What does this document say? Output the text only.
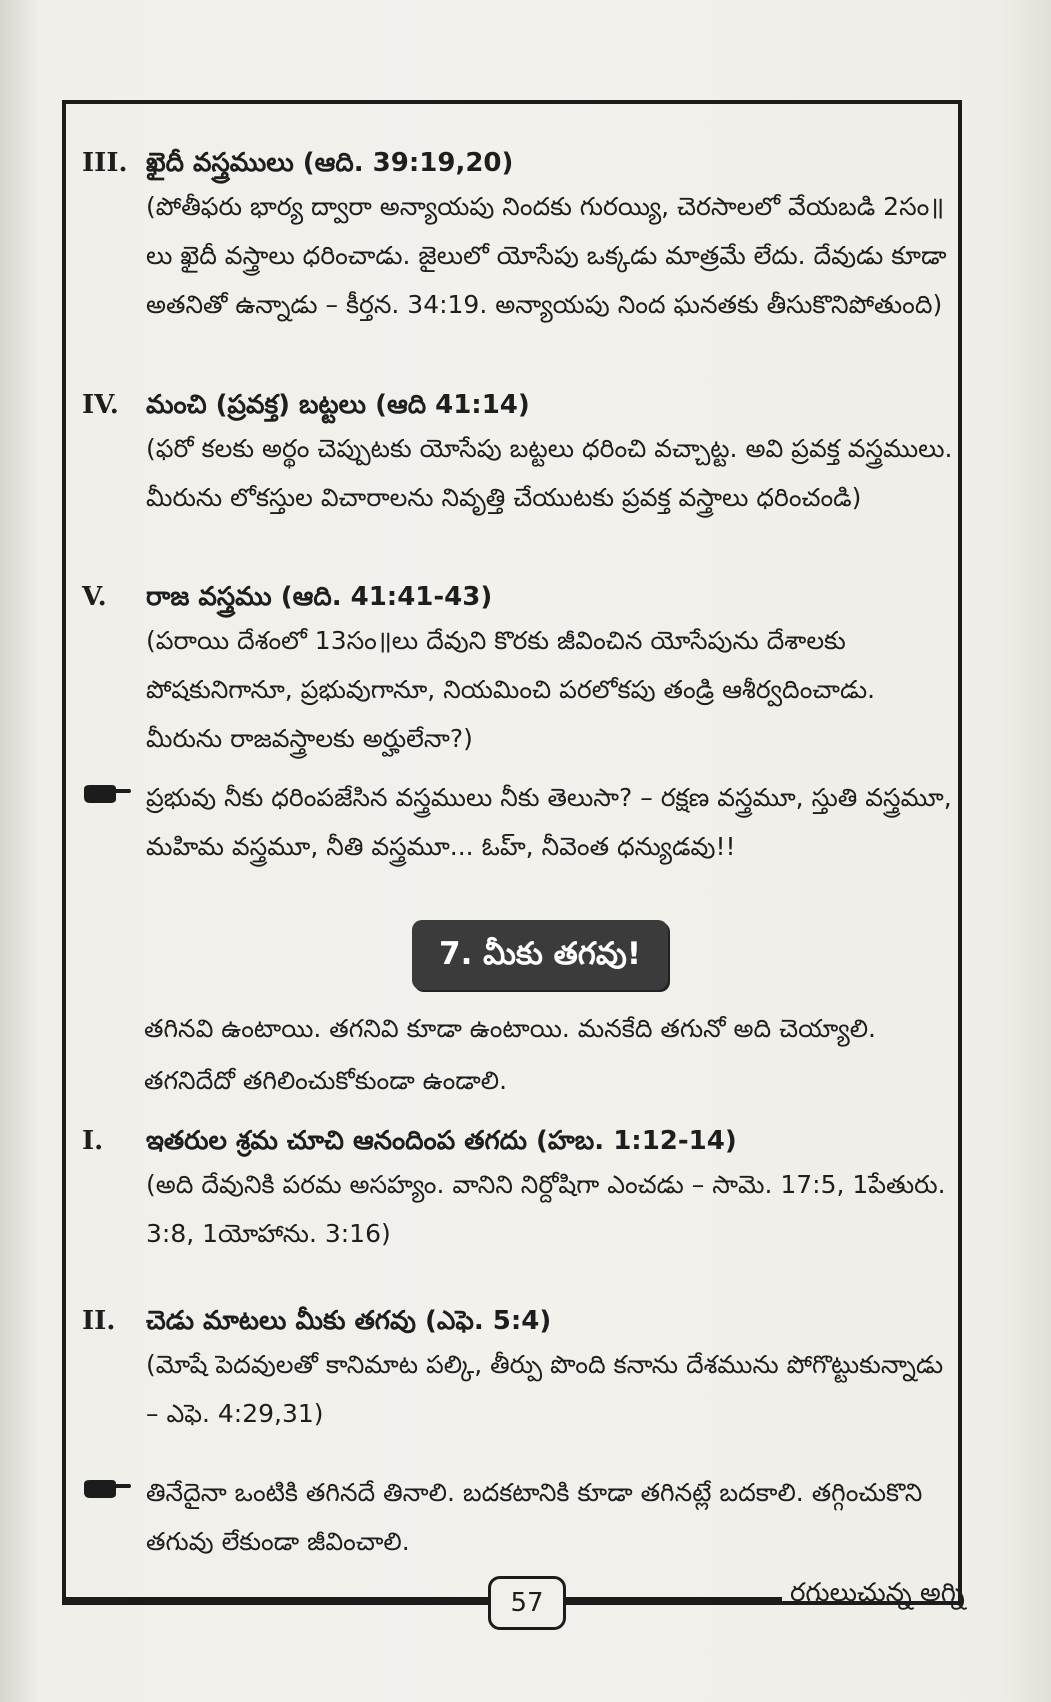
III. ఖైదీ వస్త్రములు (ఆది. 39:19,20)
(పోతీఫరు భార్య ద్వారా అన్యాయపు నిందకు గురయ్యి, చెరసాలలో వేయబడి 2సం॥లు ఖైదీ వస్త్రాలు ధరించాడు. జైలులో యోసేపు ఒక్కడు మాత్రమే లేదు. దేవుడు కూడా అతనితో ఉన్నాడు – కీర్తన. 34:19. అన్యాయపు నింద ఘనతకు తీసుకొనిపోతుంది)
IV.	మంచి (ప్రవక్త) బట్టలు (ఆది 41:14)
(ఫరో కలకు అర్థం చెప్పుటకు యోసేపు బట్టలు ధరించి వచ్చాట్ట. అవి ప్రవక్త వస్త్రములు. మీరును లోకస్తుల విచారాలను నివృత్తి చేయుటకు ప్రవక్త వస్త్రాలు ధరించండి)
V.	రాజ వస్త్రము (ఆది. 41:41-43)
(పరాయి దేశంలో 13సం॥లు దేవుని కొరకు జీవించిన యోసేపును దేశాలకు పోషకునిగానూ, ప్రభువుగానూ, నియమించి పరలోకపు తండ్రి ఆశీర్వదించాడు. మీరును రాజవస్త్రాలకు అర్హులేనా?)
ప్రభువు నీకు ధరింపజేసిన వస్త్రములు నీకు తెలుసా? – రక్షణ వస్త్రమూ, స్తుతి వస్త్రమూ, మహిమ వస్త్రమూ, నీతి వస్త్రమూ... ఓహ్, నీవెంత ధన్యుడవు!!
7. మీకు తగవు!
తగినవి ఉంటాయి. తగనివి కూడా ఉంటాయి. మనకేది తగునో అది చెయ్యాలి. తగనిదేదో తగిలించుకోకుండా ఉండాలి.
I.	ఇతరుల శ్రమ చూచి ఆనందింప తగదు (హబ. 1:12-14)
(అది దేవునికి పరమ అసహ్యం. వానిని నిర్దోషిగా ఎంచడు – సామె. 17:5, 1పేతురు. 3:8, 1యోహాను. 3:16)
II.	చెడు మాటలు మీకు తగవు (ఎఫె. 5:4)
(మోషే పెదవులతో కానిమాట పల్కి, తీర్పు పొంది కనాను దేశమును పోగొట్టుకున్నాడు – ఎఫె. 4:29,31)
తినేదైనా ఒంటికి తగినదే తినాలి. బదకటానికి కూడా తగినట్లే బదకాలి. తగ్గించుకొని తగువు లేకుండా జీవించాలి.
57	రగులుచున్న అగ్ని
